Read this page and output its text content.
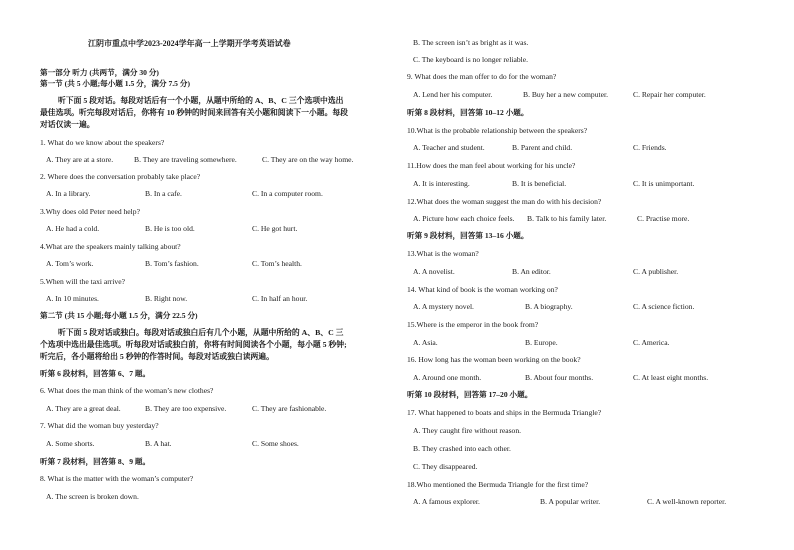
江阴市重点中学2023-2024学年高一上学期开学考英语试卷
第一部分 听力 (共两节，满分 30 分)
第一节 (共 5 小题;每小题 1.5 分，满分 7.5 分)
听下面 5 段对话。每段对话后有一个小题，从题中所给的 A、B、C 三个选项中选出
最佳选项。听完每段对话后，你将有 10 秒钟的时间来回答有关小题和阅读下一小题。每段
对话仅读一遍。
1. What do we know about the speakers?
A. They are at a store.	B. They are traveling somewhere.	C. They are on the way home.
2. Where does the conversation probably take place?
A. In a library.	B. In a cafe.	C. In a computer room.
3.Why does old Peter need help?
A. He had a cold.	B. He is too old.	C. He got hurt.
4.What are the speakers mainly talking about?
A. Tom’s work.	B. Tom’s fashion.	C. Tom’s health.
5.When will the taxi arrive?
A. In 10 minutes.	B. Right now.	C. In half an hour.
第二节 (共 15 小题;每小题 1.5 分，满分 22.5 分)
听下面 5 段对话或独白。每段对话或独白后有几个小题，从题中所给的 A、B、C 三
个选项中选出最佳选项。听每段对话或独白前，你将有时间阅读各个小题，每小题 5 秒钟;
听完后，各小题将给出 5 秒钟的作答时间。每段对话或独白读两遍。
听第 6 段材料，回答第 6、7 题。
6. What does the man think of the woman’s new clothes?
A. They are a great deal.	B. They are too expensive.	C. They are fashionable.
7. What did the woman buy yesterday?
A. Some shorts.	B. A hat.	C. Some shoes.
听第 7 段材料，回答第 8、9 题。
8. What is the matter with the woman’s computer?
A. The screen is broken down.
B. The screen isn’t as bright as it was.
C. The keyboard is no longer reliable.
9. What does the man offer to do for the woman?
A. Lend her his computer.	B. Buy her a new computer.	C. Repair her computer.
听第 8 段材料，回答第 10–12 小题。
10.What is the probable relationship between the speakers?
A. Teacher and student.	B. Parent and child.	C. Friends.
11.How does the man feel about working for his uncle?
A. It is interesting.	B. It is beneficial.	C. It is unimportant.
12.What does the woman suggest the man do with his decision?
A. Picture how each choice feels. B. Talk to his family later.	C. Practise more.
听第 9 段材料，回答第 13–16 小题。
13.What is the woman?
A. A novelist.	B. An editor.	C. A publisher.
14. What kind of book is the woman working on?
A. A mystery novel.	B. A biography.	C. A science fiction.
15.Where is the emperor in the book from?
A. Asia.	B. Europe.	C. America.
16. How long has the woman been working on the book?
A. Around one month.	B. About four months.	C. At least eight months.
听第 10 段材料，回答第 17–20 小题。
17. What happened to boats and ships in the Bermuda Triangle?
A. They caught fire without reason.
B. They crashed into each other.
C. They disappeared.
18.Who mentioned the Bermuda Triangle for the first time?
A. A famous explorer.	B. A popular writer.	C. A well-known reporter.
